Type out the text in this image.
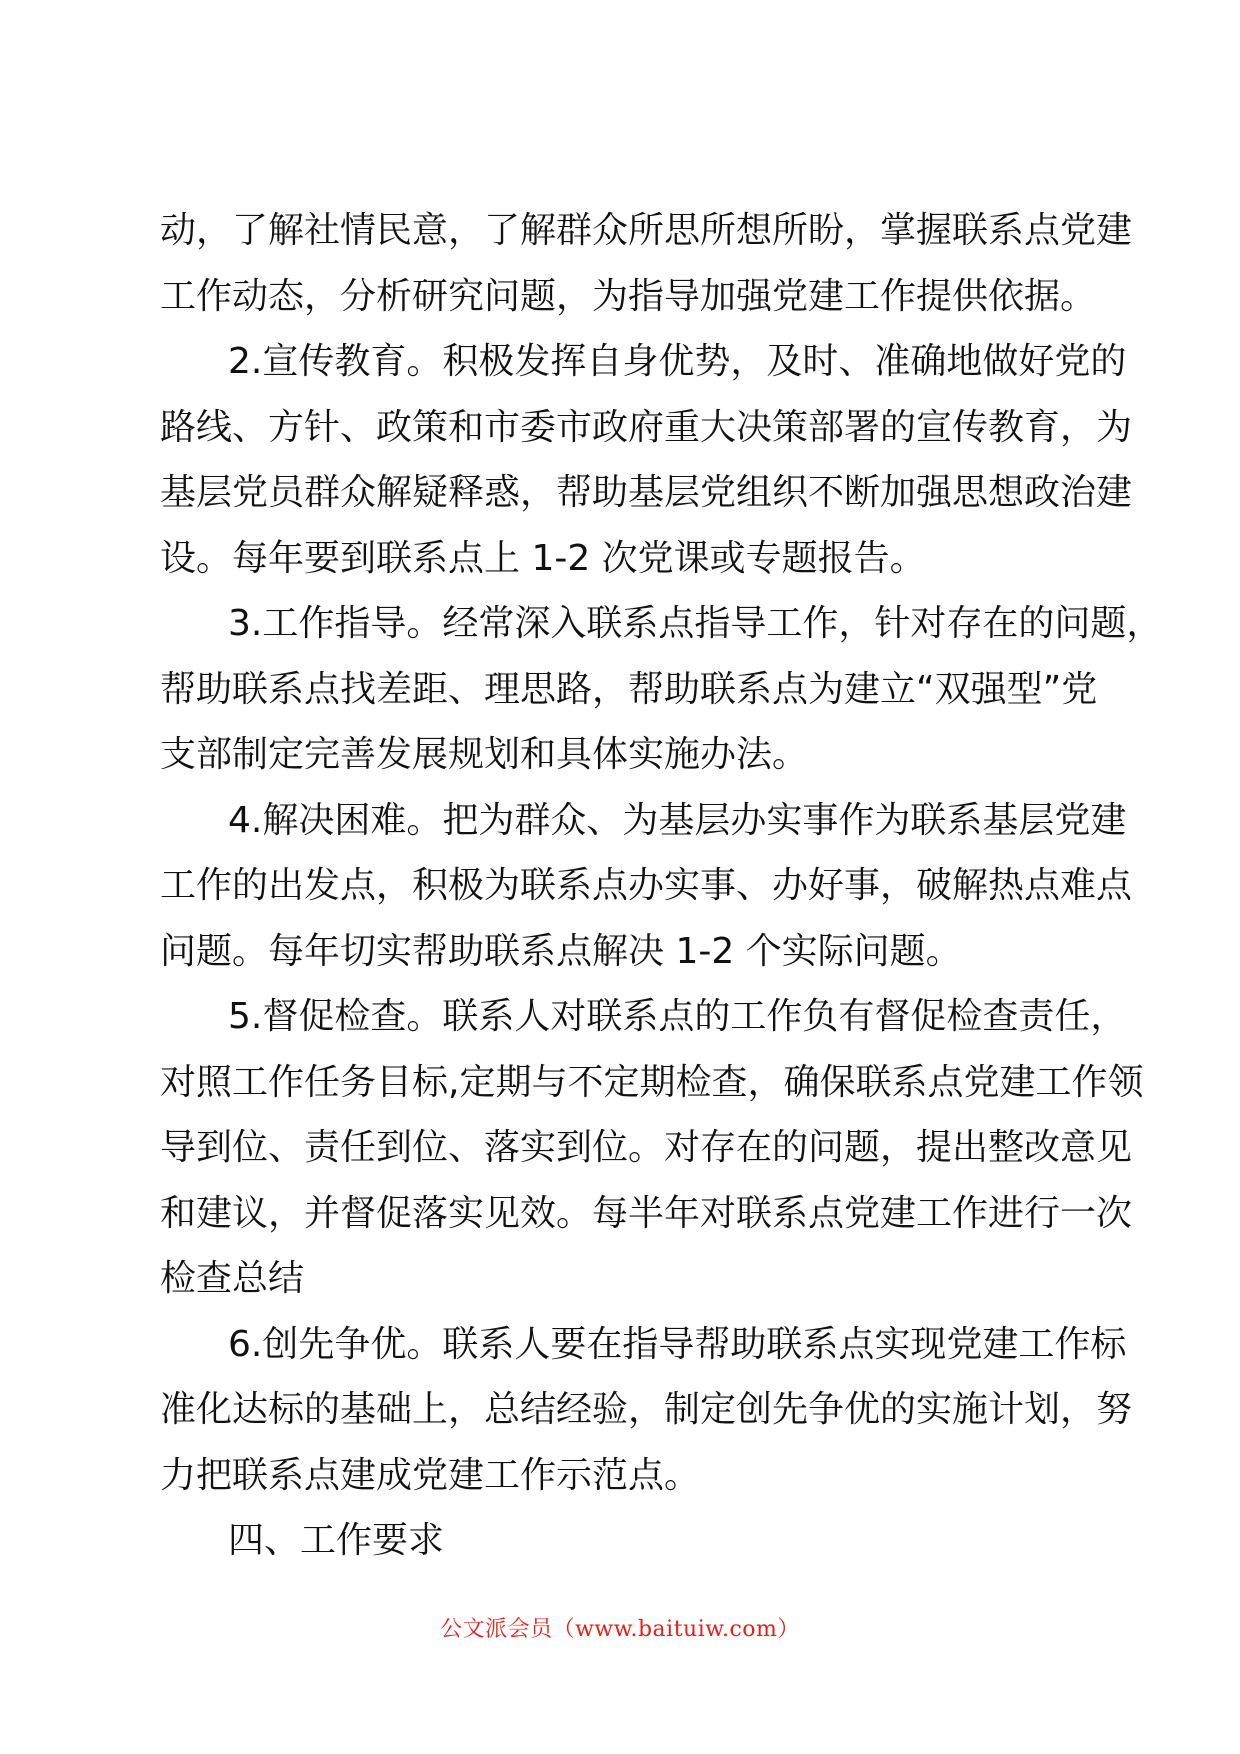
动，了解社情民意，了解群众所思所想所盼，掌握联系点党建
工作动态，分析研究问题，为指导加强党建工作提供依据。
2.宣传教育。积极发挥自身优势，及时、准确地做好党的
路线、方针、政策和市委市政府重大决策部署的宣传教育，为
基层党员群众解疑释惑，帮助基层党组织不断加强思想政治建
设。每年要到联系点上 1-2 次党课或专题报告。
3.工作指导。经常深入联系点指导工作，针对存在的问题，
帮助联系点找差距、理思路，帮助联系点为建立“双强型”党
支部制定完善发展规划和具体实施办法。
4.解决困难。把为群众、为基层办实事作为联系基层党建
工作的出发点，积极为联系点办实事、办好事，破解热点难点
问题。每年切实帮助联系点解决 1-2 个实际问题。
5.督促检查。联系人对联系点的工作负有督促检查责任，
对照工作任务目标,定期与不定期检查，确保联系点党建工作领
导到位、责任到位、落实到位。对存在的问题，提出整改意见
和建议，并督促落实见效。每半年对联系点党建工作进行一次
检查总结
6.创先争优。联系人要在指导帮助联系点实现党建工作标
准化达标的基础上，总结经验，制定创先争优的实施计划，努
力把联系点建成党建工作示范点。
四、工作要求
公文派会员（www.baituiw.com）
